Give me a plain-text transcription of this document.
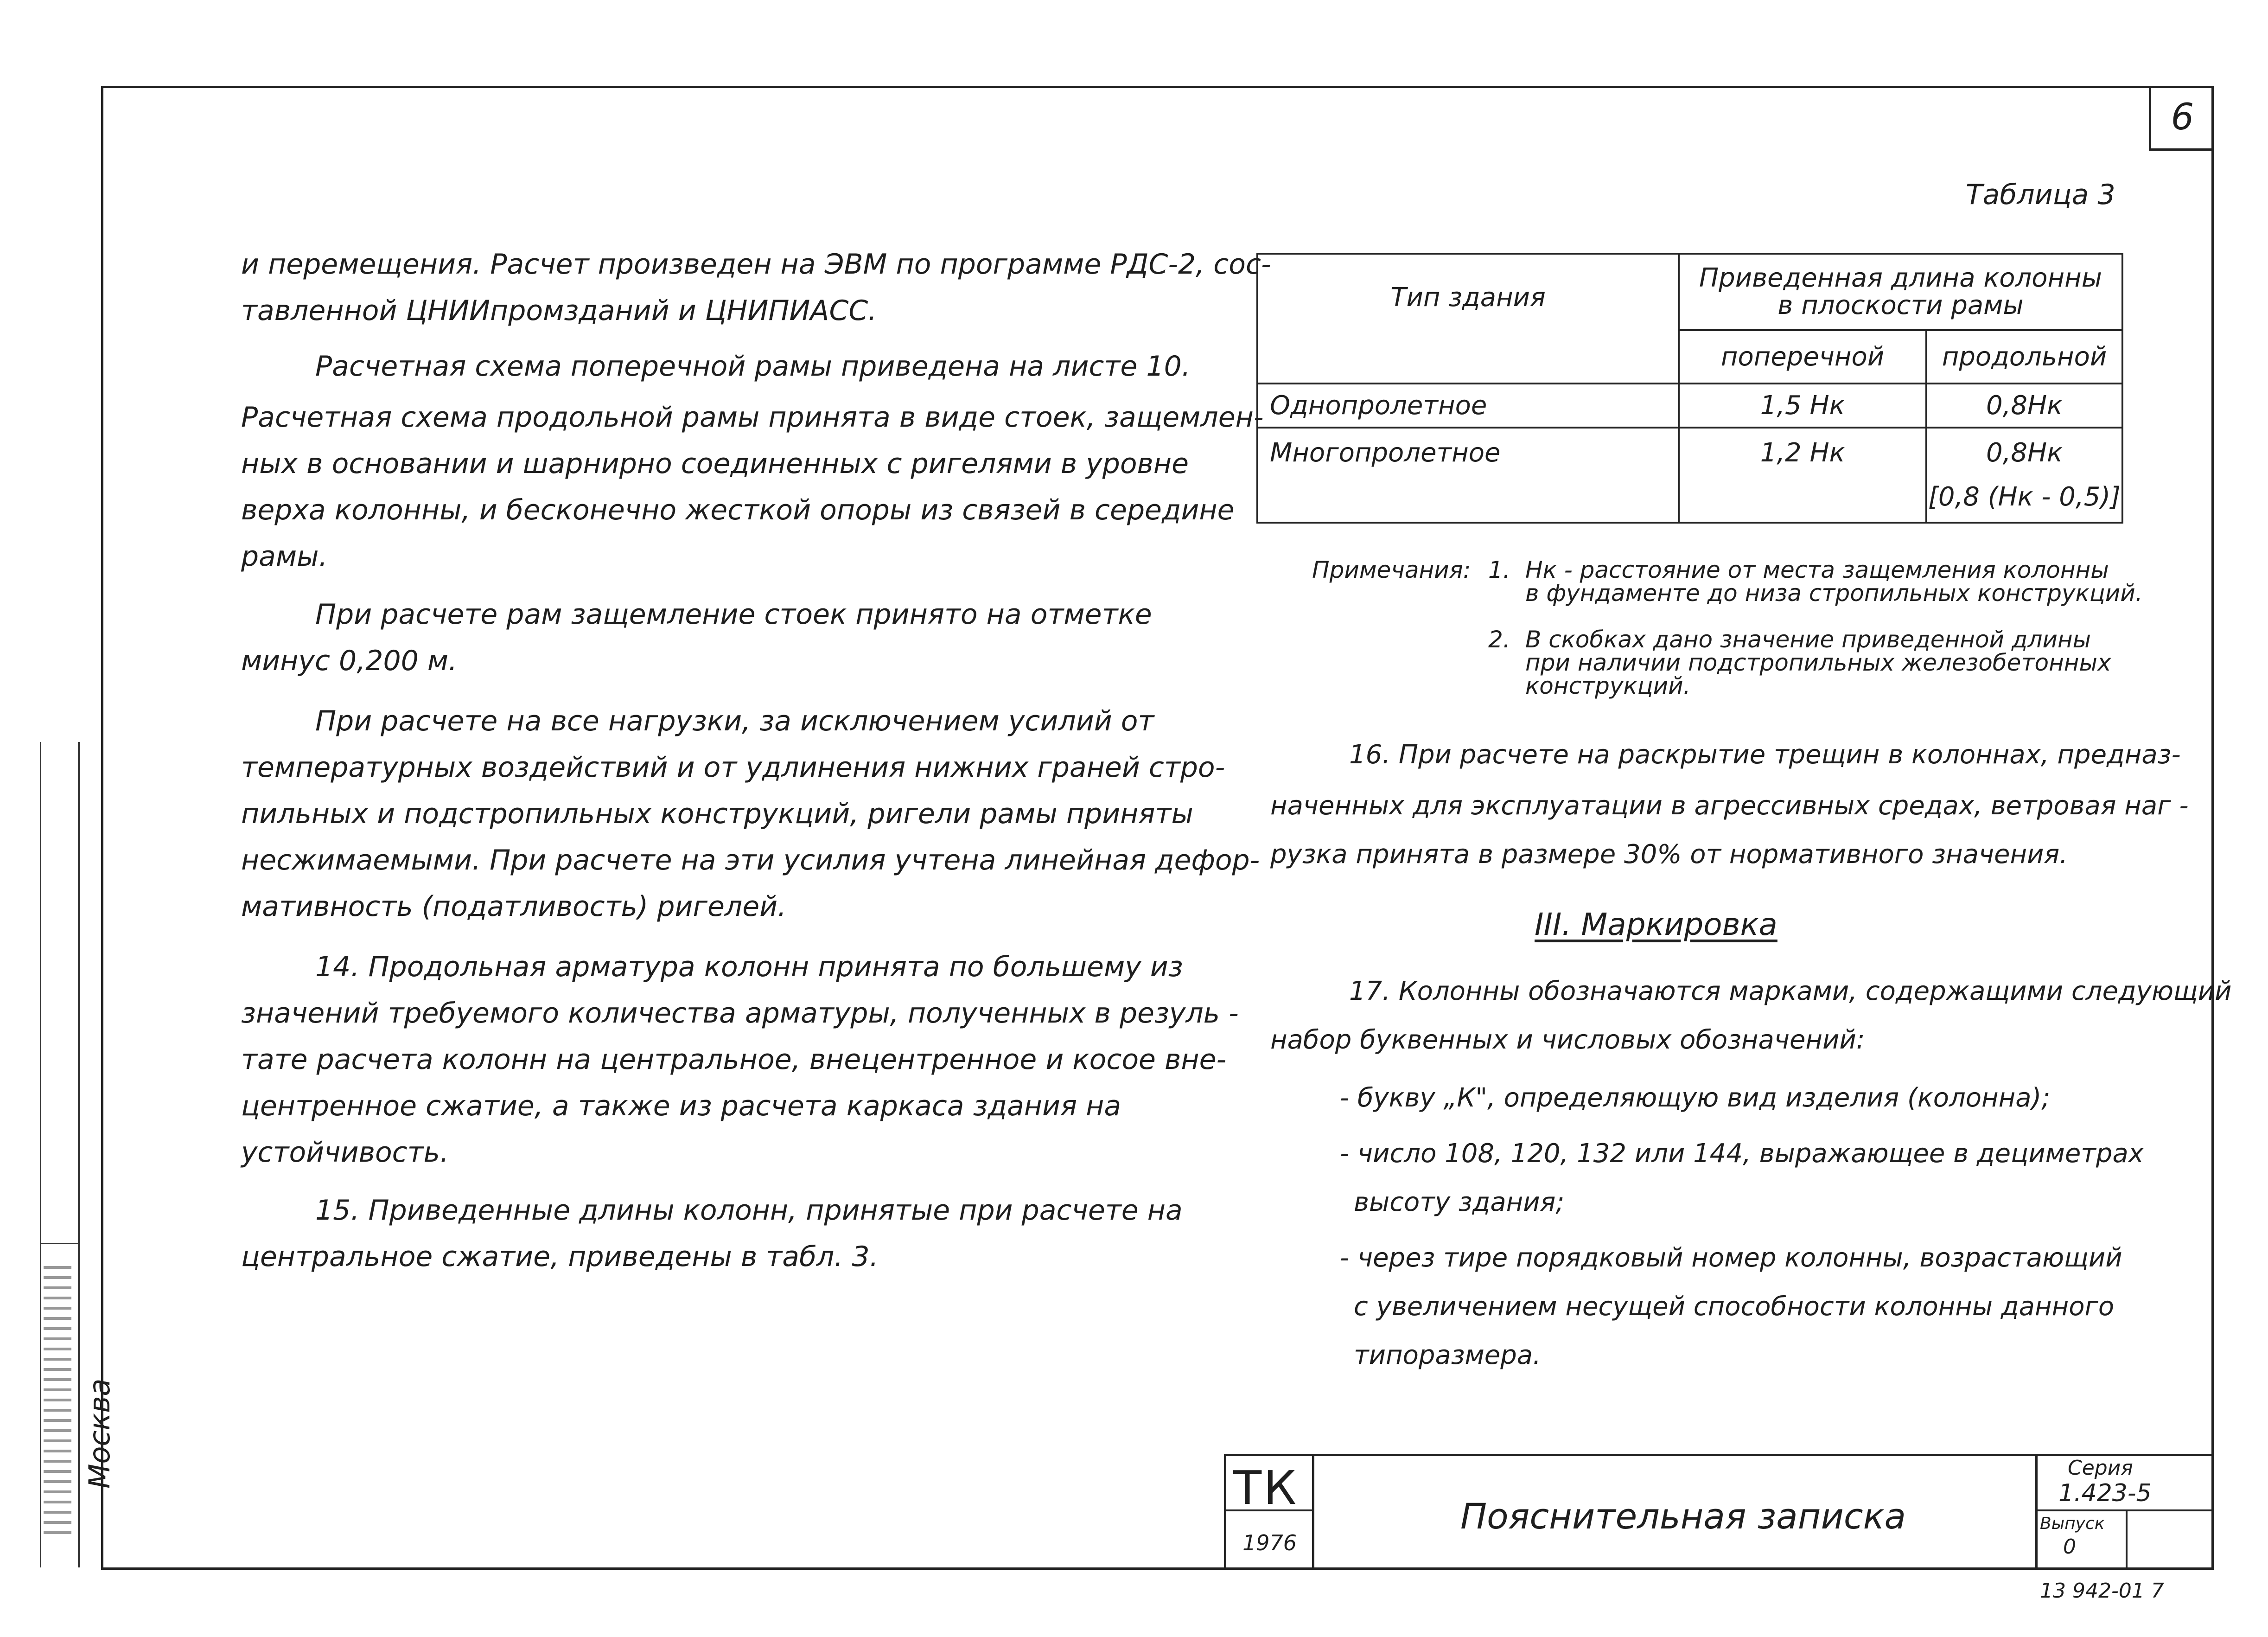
6
и перемещения. Расчет произведен на ЭВМ по программе РДС-2, сос-
тавленной ЦНИИпромзданий и ЦНИПИАСС.
Расчетная схема поперечной рамы приведена на листе 10.
Расчетная схема продольной рамы принята в виде стоек, защемлен-
ных в основании и шарнирно соединенных с ригелями в уровне
верха колонны, и бесконечно жесткой опоры из связей в середине
рамы.
При расчете рам защемление стоек принято на отметке
минус 0,200 м.
При расчете на все нагрузки, за исключением усилий от
температурных воздействий и от удлинения нижних граней стро-
пильных и подстропильных конструкций, ригели рамы приняты
несжимаемыми. При расчете на эти усилия учтена линейная дефор-
мативность (податливость) ригелей.
14. Продольная арматура колонн принята по большему из
значений требуемого количества арматуры, полученных в резуль -
тате расчета колонн на центральное, внецентренное и косое вне-
центренное сжатие, а также из расчета каркаса здания на
устойчивость.
15. Приведенные длины колонн, принятые при расчете на
центральное сжатие, приведены в табл. 3.
Таблица 3
Тип здания	Приведенная длина колонны в плоскости рамы	
	поперечной	продольной
Однопролетное	1,5 Нк	0,8Нк
Многопролетное	1,2 Нк	0,8Нк
[0,8 (Нк - 0,5)]
Примечания: 1. Нк - расстояние от места защемления колонны
в фундаменте до низа стропильных конструкций.
2. В скобках дано значение приведенной длины
при наличии подстропильных железобетонных
конструкций.
16. При расчете на раскрытие трещин в колоннах, предназ-
наченных для эксплуатации в агрессивных средах, ветровая наг -
рузка принята в размере 30% от нормативного значения.
III. Маркировка
17. Колонны обозначаются марками, содержащими следующий
набор буквенных и числовых обозначений:
- букву „К", определяющую вид изделия (колонна);
- число 108, 120, 132 или 144, выражающее в дециметрах
высоту здания;
- через тире порядковый номер колонны, возрастающий
с увеличением несущей способности колонны данного
типоразмера.
ТК
1976
Пояснительная записка
Серия
1.423-5
Выпуск
0
13 942-01 7
Москва
